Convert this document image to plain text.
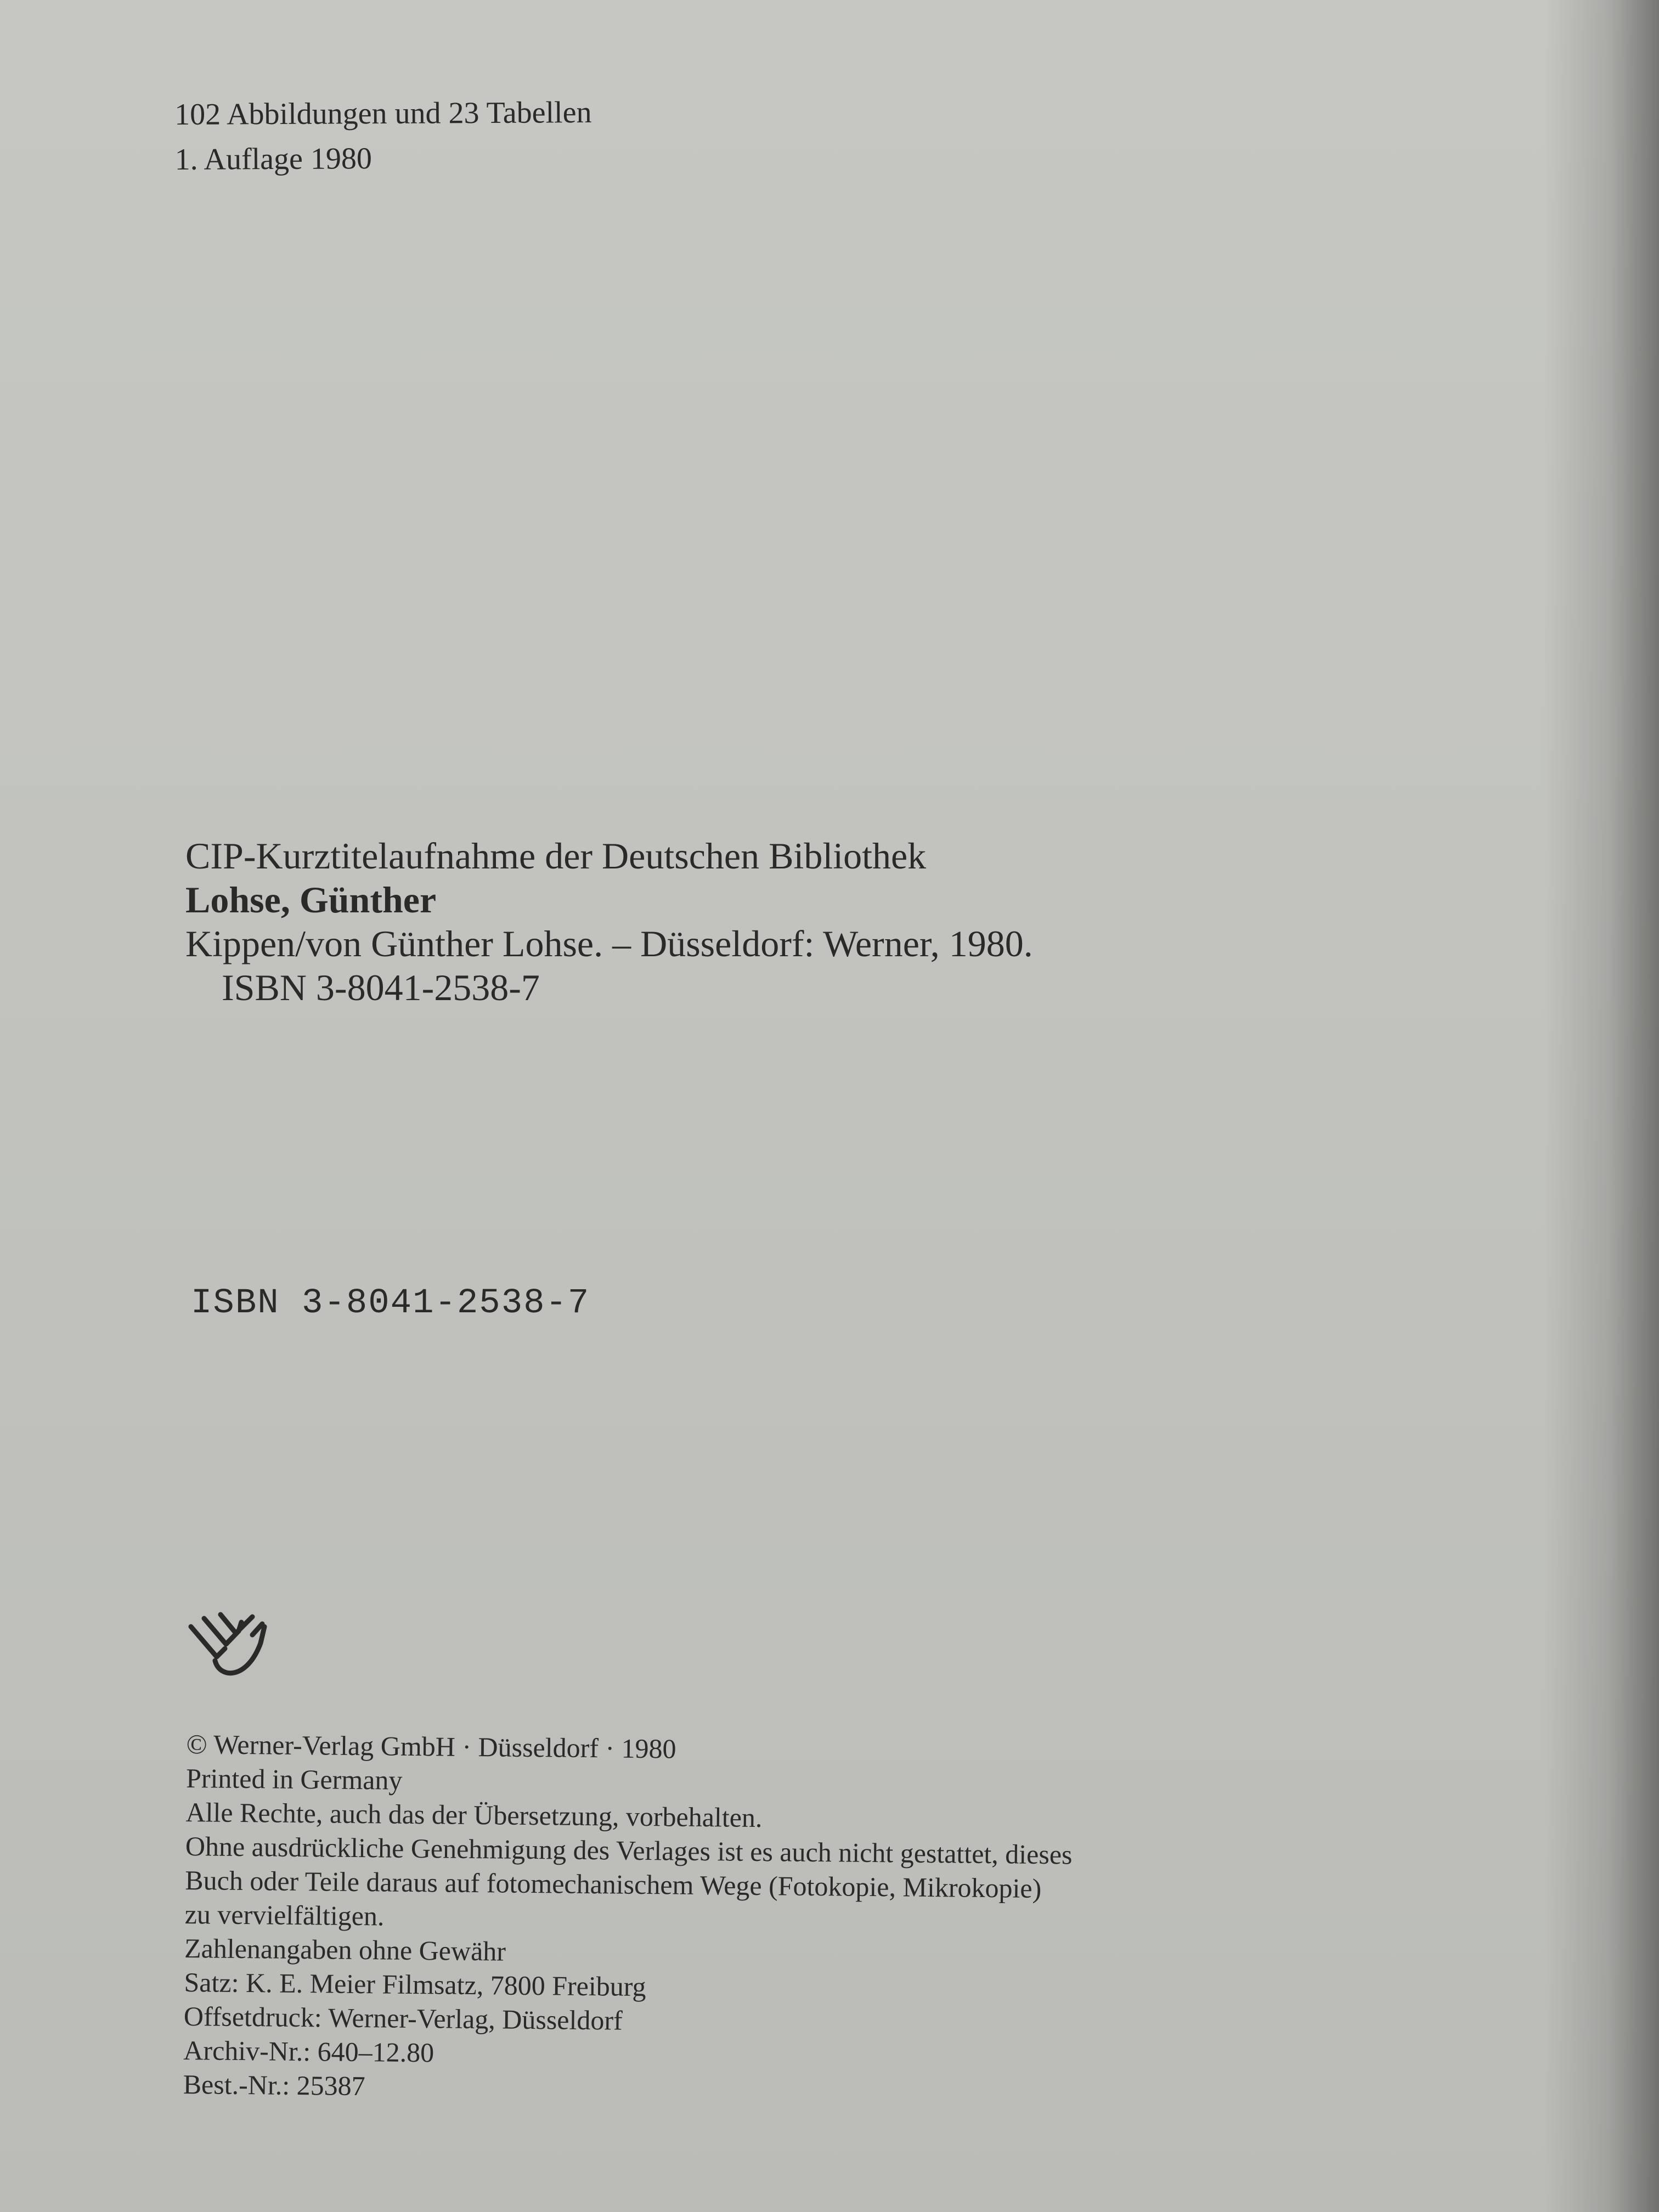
102 Abbildungen und 23 Tabellen
1. Auflage 1980
CIP-Kurztitelaufnahme der Deutschen Bibliothek
Lohse, Günther
Kippen/von Günther Lohse. – Düsseldorf: Werner, 1980.
ISBN 3-8041-2538-7
ISBN 3-8041-2538-7
© Werner-Verlag GmbH · Düsseldorf · 1980
Printed in Germany
Alle Rechte, auch das der Übersetzung, vorbehalten.
Ohne ausdrückliche Genehmigung des Verlages ist es auch nicht gestattet, dieses
Buch oder Teile daraus auf fotomechanischem Wege (Fotokopie, Mikrokopie)
zu vervielfältigen.
Zahlenangaben ohne Gewähr
Satz: K. E. Meier Filmsatz, 7800 Freiburg
Offsetdruck: Werner-Verlag, Düsseldorf
Archiv-Nr.: 640–12.80
Best.-Nr.: 25387
